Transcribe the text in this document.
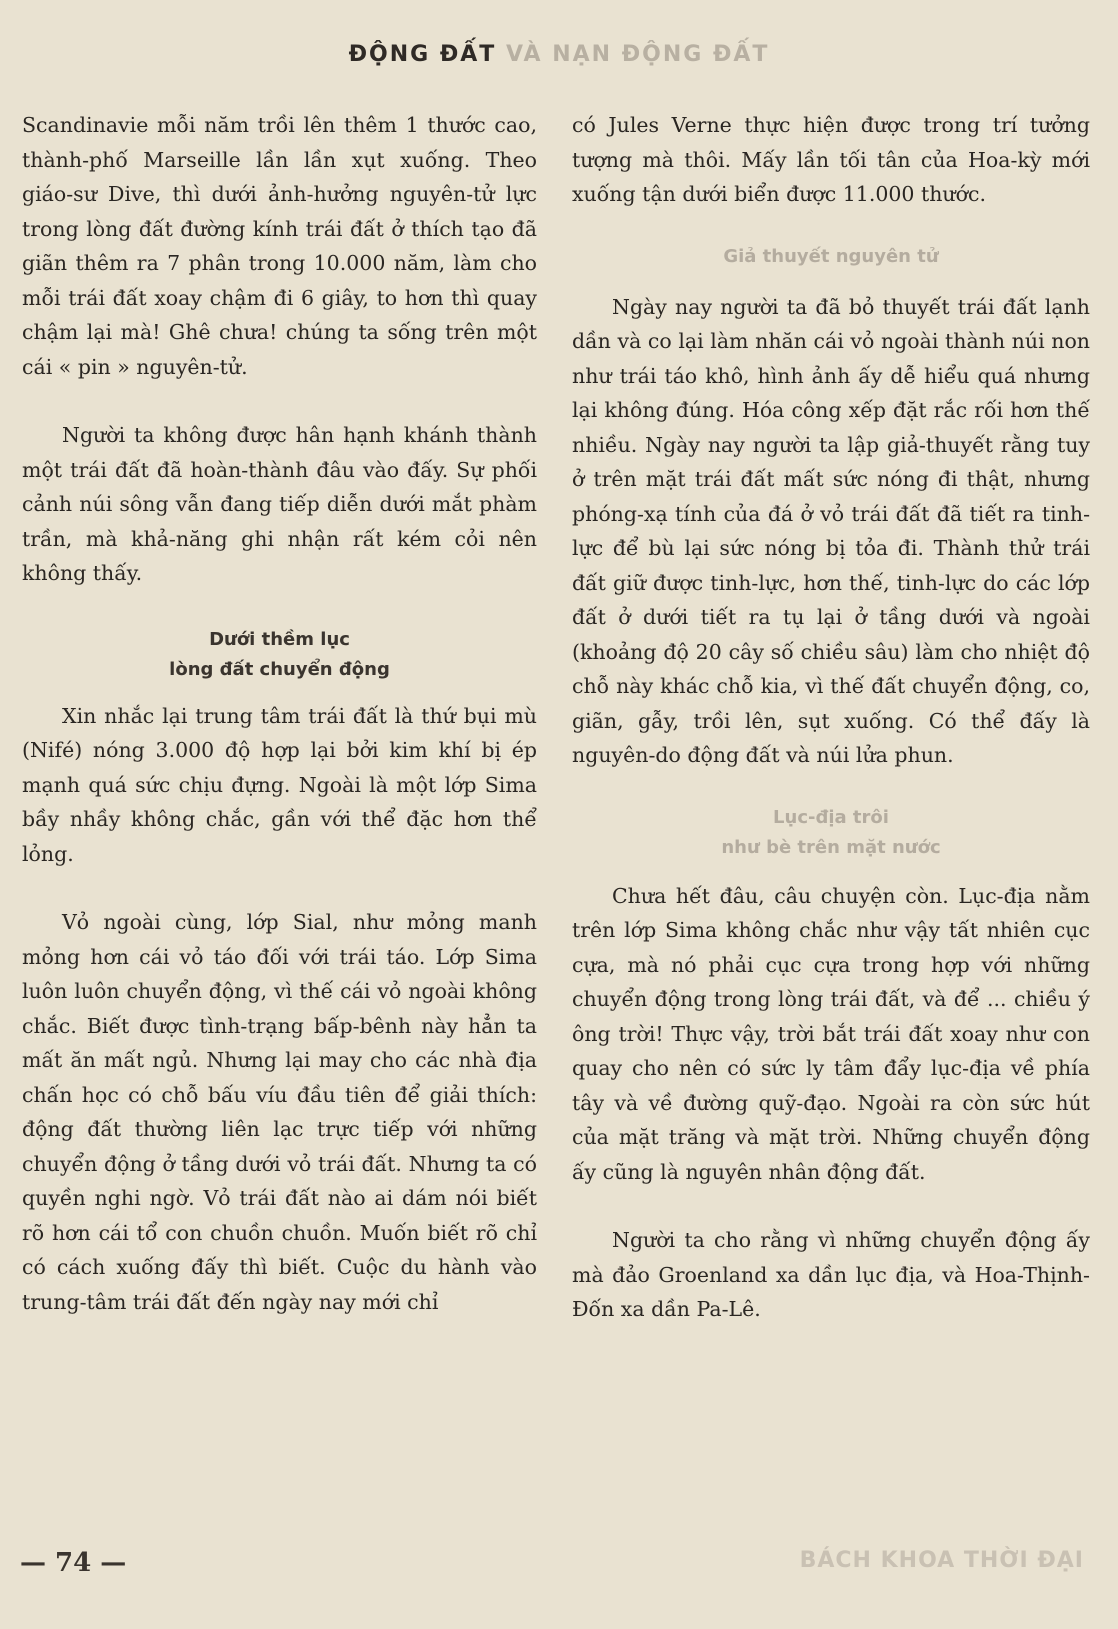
ĐỘNG ĐẤT VÀ NẠN ĐỘNG ĐẤT

Scandinavie mỗi năm trồi lên thêm 1 thước cao, thành-phố Marseille lần lần xụt xuống. Theo giáo-sư Dive, thì dưới ảnh-hưởng nguyên-tử lực trong lòng đất đường kính trái đất ở thích tạo đã giãn thêm ra 7 phân trong 10.000 năm, làm cho mỗi trái đất xoay chậm đi 6 giây, to hơn thì quay chậm lại mà! Ghê chưa! chúng ta sống trên một cái « pin » nguyên-tử.

Người ta không được hân hạnh khánh thành một trái đất đã hoàn-thành đâu vào đấy. Sự phối cảnh núi sông vẫn đang tiếp diễn dưới mắt phàm trần, mà khả-năng ghi nhận rất kém cỏi nên không thấy.

Dưới thềm lục

lòng đất chuyển động

Xin nhắc lại trung tâm trái đất là thứ bụi mù (Nifé) nóng 3.000 độ hợp lại bởi kim khí bị ép mạnh quá sức chịu đựng. Ngoài là một lớp Sima bầy nhầy không chắc, gần với thể đặc hơn thể lỏng.

Vỏ ngoài cùng, lớp Sial, như mỏng manh mỏng hơn cái vỏ táo đối với trái táo. Lớp Sima luôn luôn chuyển động, vì thế cái vỏ ngoài không chắc. Biết được tình-trạng bấp-bênh này hẳn ta mất ăn mất ngủ. Nhưng lại may cho các nhà địa chấn học có chỗ bấu víu đầu tiên để giải thích: động đất thường liên lạc trực tiếp với những chuyển động ở tầng dưới vỏ trái đất. Nhưng ta có quyền nghi ngờ. Vỏ trái đất nào ai dám nói biết rõ hơn cái tổ con chuồn chuồn. Muốn biết rõ chỉ có cách xuống đấy thì biết. Cuộc du hành vào trung-tâm trái đất đến ngày nay mới chỉ

có Jules Verne thực hiện được trong trí tưởng tượng mà thôi. Mấy lần tối tân của Hoa-kỳ mới xuống tận dưới biển được 11.000 thước.

Giả thuyết nguyên tử

Ngày nay người ta đã bỏ thuyết trái đất lạnh dần và co lại làm nhăn cái vỏ ngoài thành núi non như trái táo khô, hình ảnh ấy dễ hiểu quá nhưng lại không đúng. Hóa công xếp đặt rắc rối hơn thế nhiều. Ngày nay người ta lập giả-thuyết rằng tuy ở trên mặt trái đất mất sức nóng đi thật, nhưng phóng-xạ tính của đá ở vỏ trái đất đã tiết ra tinh-lực để bù lại sức nóng bị tỏa đi. Thành thử trái đất giữ được tinh-lực, hơn thế, tinh-lực do các lớp đất ở dưới tiết ra tụ lại ở tầng dưới và ngoài (khoảng độ 20 cây số chiều sâu) làm cho nhiệt độ chỗ này khác chỗ kia, vì thế đất chuyển động, co, giãn, gẫy, trồi lên, sụt xuống. Có thể đấy là nguyên-do động đất và núi lửa phun.

Lục-địa trôi

như bè trên mặt nước

Chưa hết đâu, câu chuyện còn. Lục-địa nằm trên lớp Sima không chắc như vậy tất nhiên cục cựa, mà nó phải cục cựa trong hợp với những chuyển động trong lòng trái đất, và để ... chiều ý ông trời! Thực vậy, trời bắt trái đất xoay như con quay cho nên có sức ly tâm đẩy lục-địa về phía tây và về đường quỹ-đạo. Ngoài ra còn sức hút của mặt trăng và mặt trời. Những chuyển động ấy cũng là nguyên nhân động đất.

Người ta cho rằng vì những chuyển động ấy mà đảo Groenland xa dần lục địa, và Hoa-Thịnh-Đốn xa dần Pa-Lê.

— 74 —	BÁCH KHOA THỜI ĐẠI
